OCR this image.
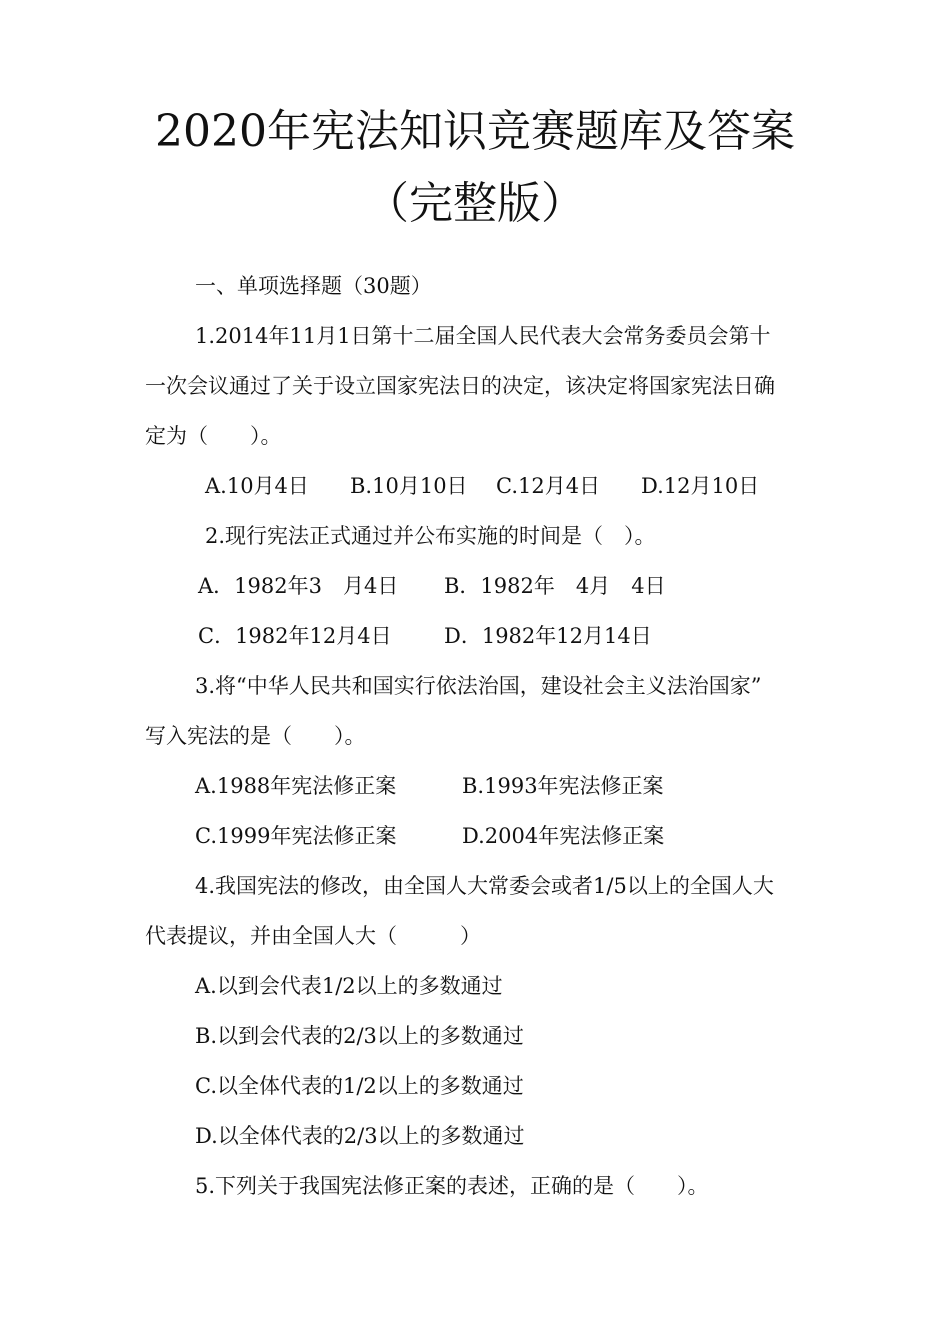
2020年宪法知识竞赛题库及答案
（完整版）
一、单项选择题（30题）
1.2014年11月1日第十二届全国人民代表大会常务委员会第十
一次会议通过了关于设立国家宪法日的决定，该决定将国家宪法日确
定为（　　）。
A.10月4日 B.10月10日 C.12月4日 D.12月10日
2.现行宪法正式通过并公布实施的时间是（　）。
A．1982年3　月4日 B．1982年　4月　4日
C．1982年12月4日 D．1982年12月14日
3.将“中华人民共和国实行依法治国，建设社会主义法治国家”
写入宪法的是（　　）。
A.1988年宪法修正案	B.1993年宪法修正案
C.1999年宪法修正案	D.2004年宪法修正案
4.我国宪法的修改，由全国人大常委会或者1/5以上的全国人大
代表提议，并由全国人大（　　　）
A.以到会代表1/2以上的多数通过
B.以到会代表的2/3以上的多数通过
C.以全体代表的1/2以上的多数通过
D.以全体代表的2/3以上的多数通过
5.下列关于我国宪法修正案的表述，正确的是（　　）。
